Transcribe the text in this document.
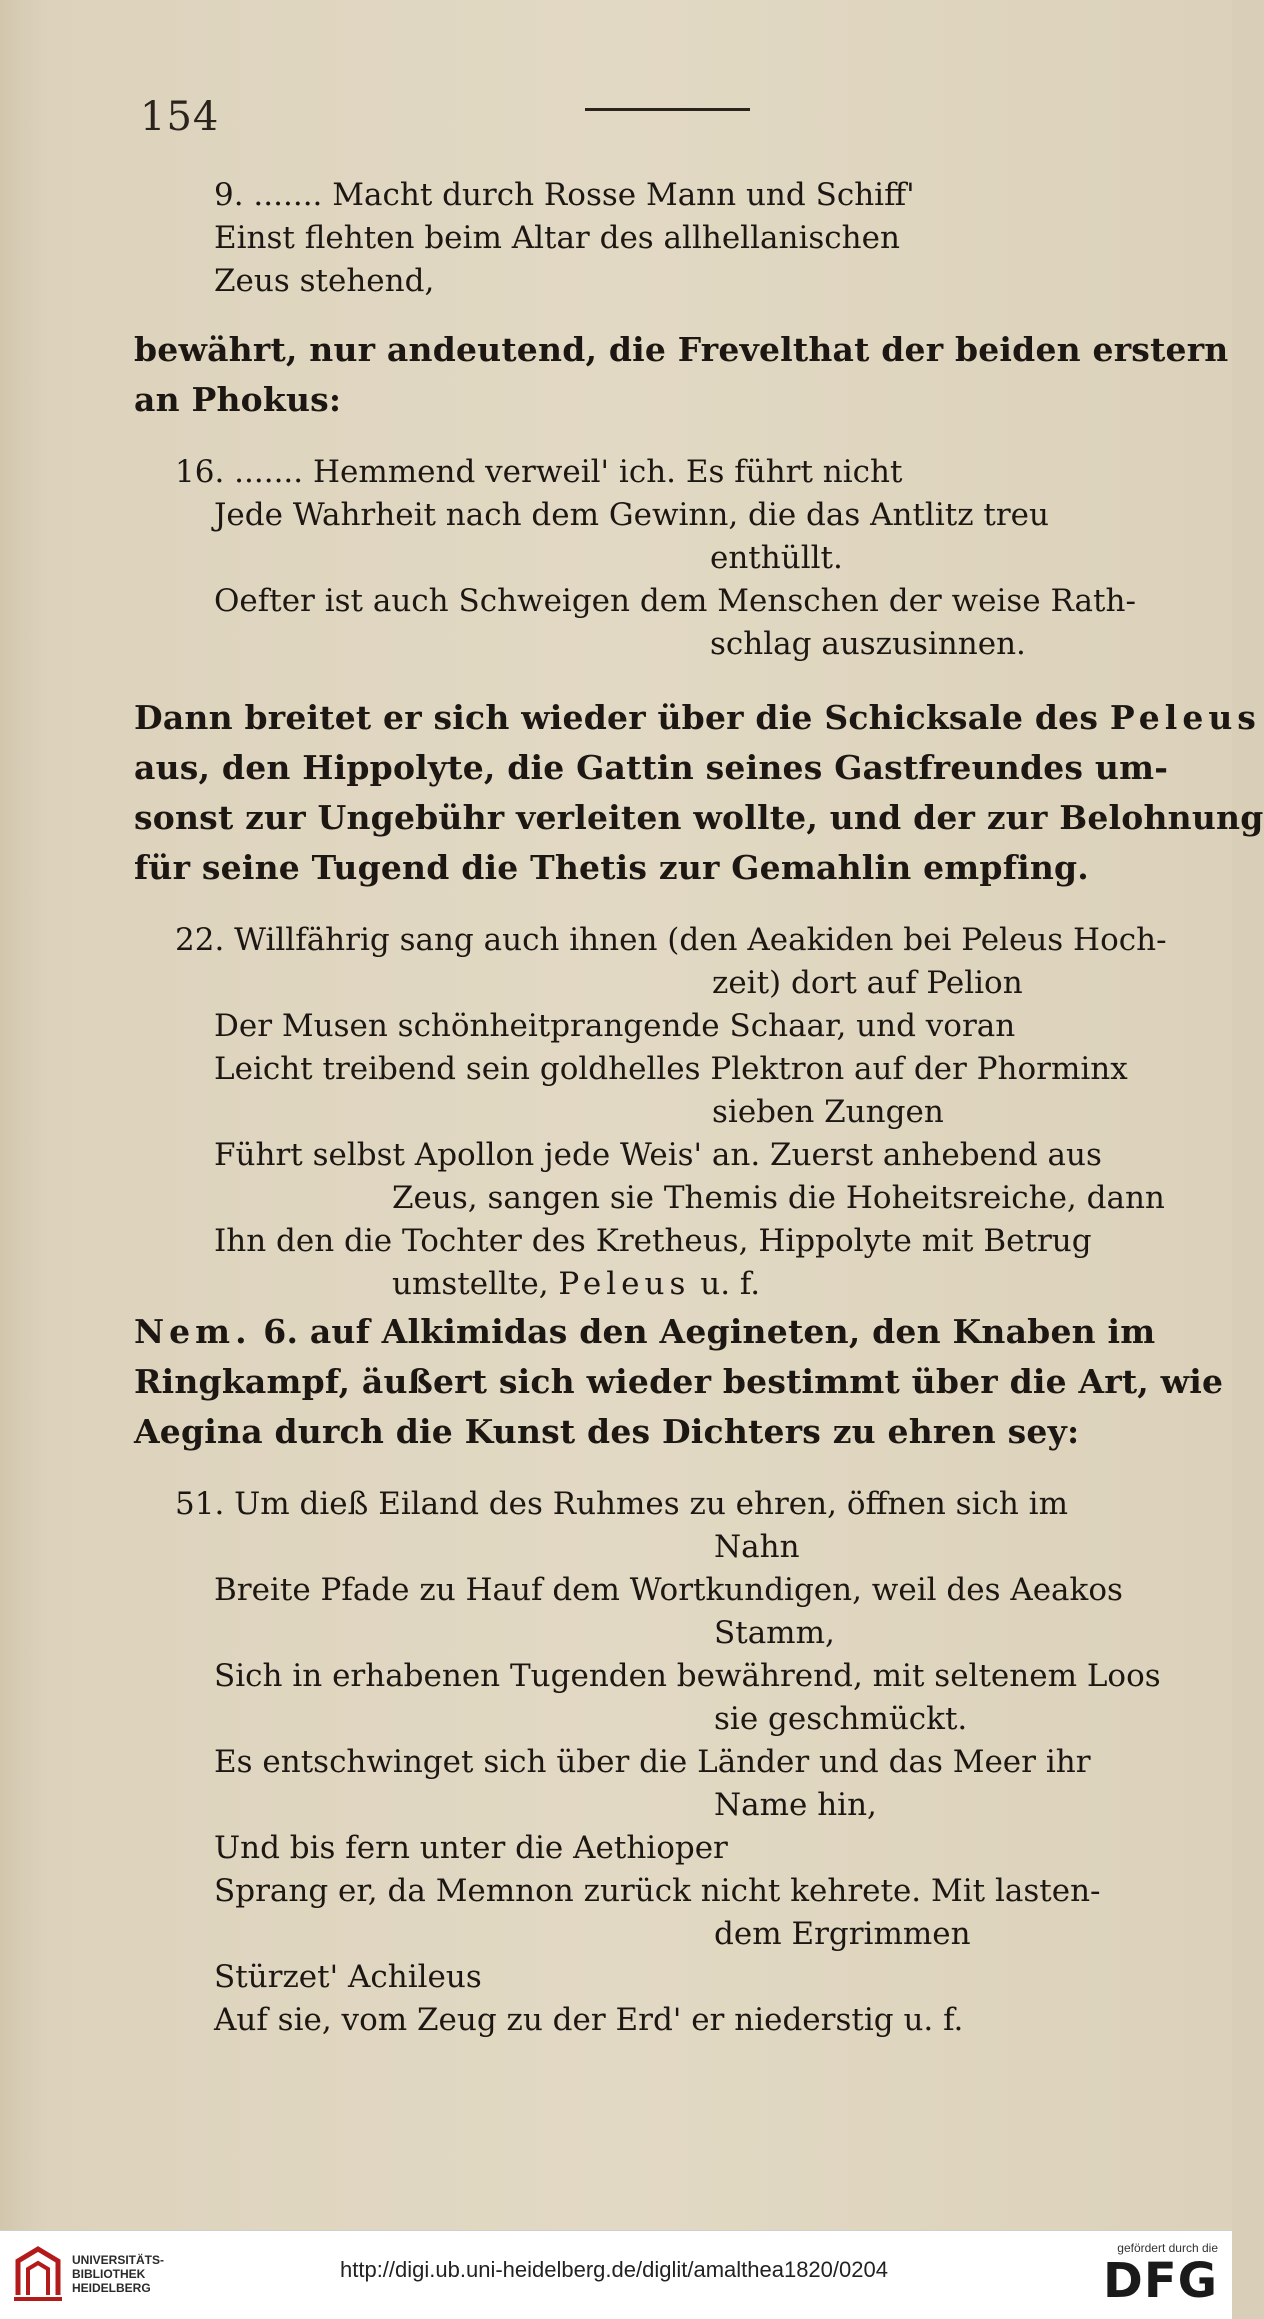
154
9. ....... Macht durch Rosse Mann und Schiff'
Einst flehten beim Altar des allhellanischen
Zeus stehend,
bewährt, nur andeutend, die Frevelthat der beiden erstern
an Phokus:
16. ....... Hemmend verweil' ich. Es führt nicht
Jede Wahrheit nach dem Gewinn, die das Antlitz treu
enthüllt.
Oefter ist auch Schweigen dem Menschen der weise Rath-
schlag auszusinnen.
Dann breitet er sich wieder über die Schicksale des Peleus
aus, den Hippolyte, die Gattin seines Gastfreundes um-
sonst zur Ungebühr verleiten wollte, und der zur Belohnung
für seine Tugend die Thetis zur Gemahlin empfing.
22. Willfährig sang auch ihnen (den Aeakiden bei Peleus Hoch-
zeit) dort auf Pelion
Der Musen schönheitprangende Schaar, und voran
Leicht treibend sein goldhelles Plektron auf der Phorminx
sieben Zungen
Führt selbst Apollon jede Weis' an. Zuerst anhebend aus
Zeus, sangen sie Themis die Hoheitsreiche, dann
Ihn den die Tochter des Kretheus, Hippolyte mit Betrug
umstellte, Peleus u. f.
Nem. 6. auf Alkimidas den Aegineten, den Knaben im
Ringkampf, äußert sich wieder bestimmt über die Art, wie
Aegina durch die Kunst des Dichters zu ehren sey:
51. Um dieß Eiland des Ruhmes zu ehren, öffnen sich im
Nahn
Breite Pfade zu Hauf dem Wortkundigen, weil des Aeakos
Stamm,
Sich in erhabenen Tugenden bewährend, mit seltenem Loos
sie geschmückt.
Es entschwinget sich über die Länder und das Meer ihr
Name hin,
Und bis fern unter die Aethioper
Sprang er, da Memnon zurück nicht kehrete. Mit lasten-
dem Ergrimmen
Stürzet' Achileus
Auf sie, vom Zeug zu der Erd' er niederstig u. f.
UNIVERSITÄTS-
BIBLIOTHEK
HEIDELBERG
http://digi.ub.uni-heidelberg.de/diglit/amalthea1820/0204
gefördert durch die
DFG
